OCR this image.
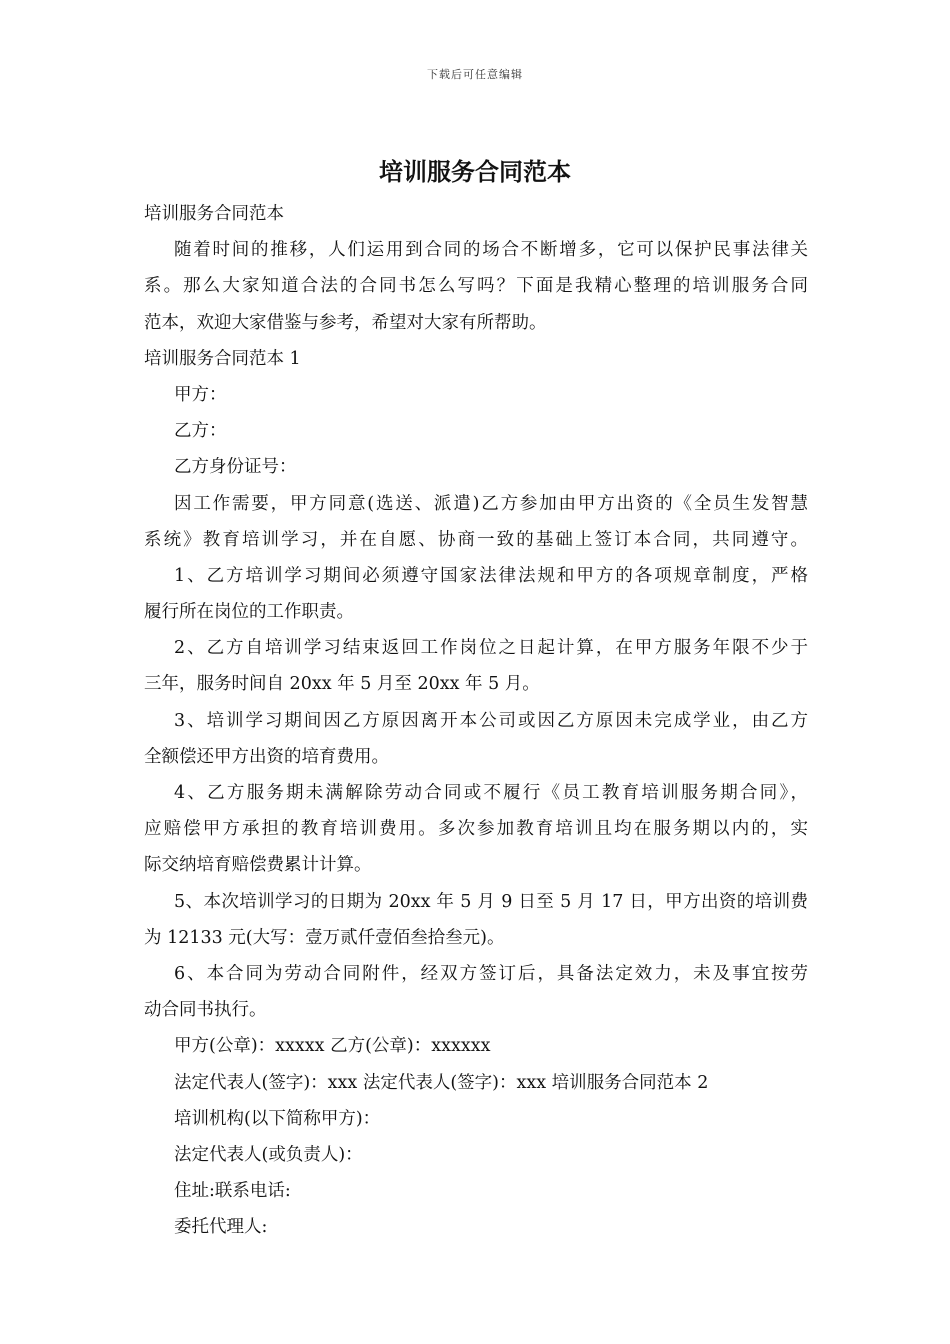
下载后可任意编辑
培训服务合同范本
培训服务合同范本
随着时间的推移，人们运用到合同的场合不断增多，它可以保护民事法律关
系。那么大家知道合法的合同书怎么写吗？下面是我精心整理的培训服务合同
范本，欢迎大家借鉴与参考，希望对大家有所帮助。
培训服务合同范本 1
甲方：
乙方：
乙方身份证号：
因工作需要，甲方同意(选送、派遣)乙方参加由甲方出资的《全员生发智慧
系统》教育培训学习，并在自愿、协商一致的基础上签订本合同，共同遵守。
1、乙方培训学习期间必须遵守国家法律法规和甲方的各项规章制度，严格
履行所在岗位的工作职责。
2、乙方自培训学习结束返回工作岗位之日起计算，在甲方服务年限不少于
三年，服务时间自 20xx 年 5 月至 20xx 年 5 月。
3、培训学习期间因乙方原因离开本公司或因乙方原因未完成学业，由乙方
全额偿还甲方出资的培育费用。
4、乙方服务期未满解除劳动合同或不履行《员工教育培训服务期合同》，
应赔偿甲方承担的教育培训费用。多次参加教育培训且均在服务期以内的，实
际交纳培育赔偿费累计计算。
5、本次培训学习的日期为 20xx 年 5 月 9 日至 5 月 17 日，甲方出资的培训费
为 12133 元(大写：壹万贰仟壹佰叁拾叁元)。
6、本合同为劳动合同附件，经双方签订后，具备法定效力，未及事宜按劳
动合同书执行。
甲方(公章)：xxxxx 乙方(公章)：xxxxxx
法定代表人(签字)：xxx 法定代表人(签字)：xxx 培训服务合同范本 2
培训机构(以下简称甲方)：
法定代表人(或负责人)：
住址:联系电话:
委托代理人:
